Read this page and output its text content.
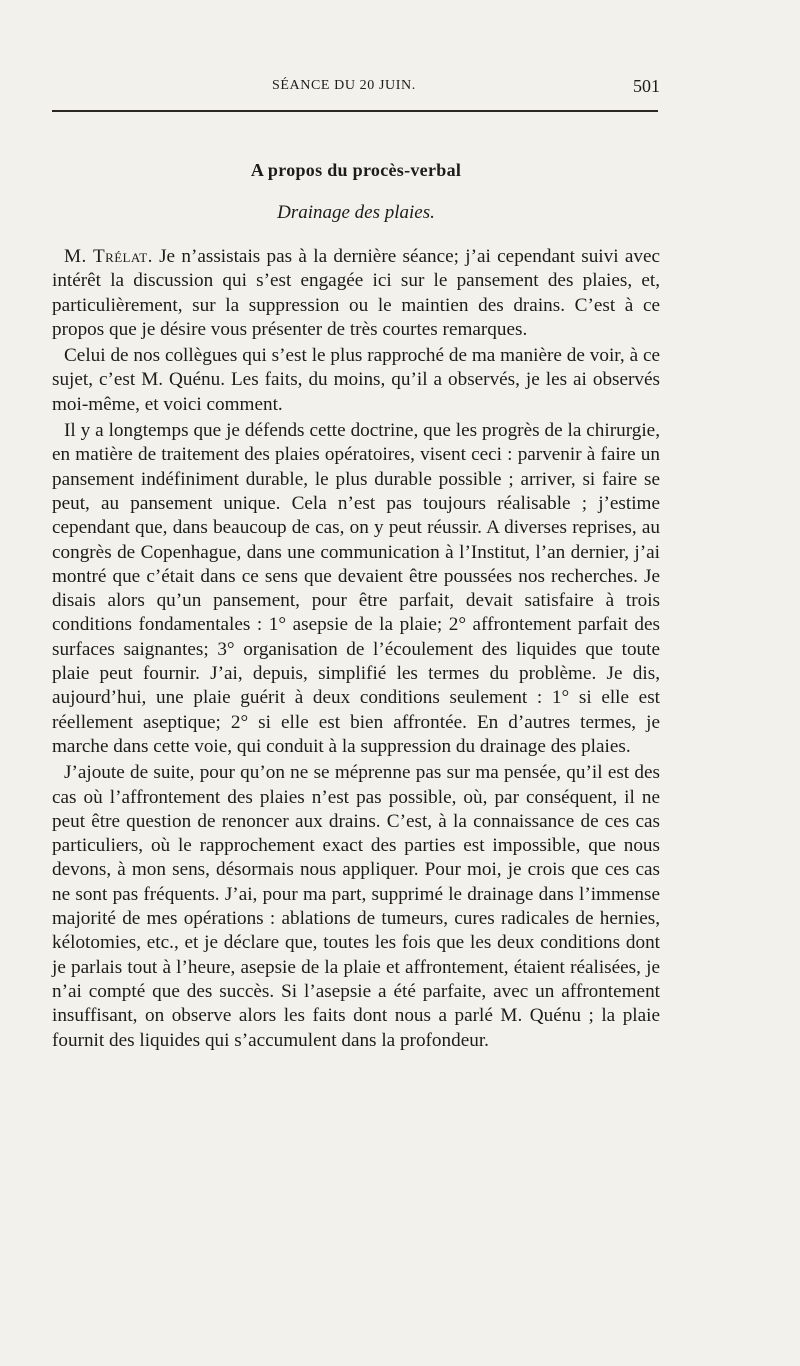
SÉANCE DU 20 JUIN.	501
A propos du procès-verbal
Drainage des plaies.

M. Trélat. Je n’assistais pas à la dernière séance; j’ai cependant suivi avec intérêt la discussion qui s’est engagée ici sur le pansement des plaies, et, particulièrement, sur la suppression ou le maintien des drains. C’est à ce propos que je désire vous présenter de très courtes remarques.

Celui de nos collègues qui s’est le plus rapproché de ma manière de voir, à ce sujet, c’est M. Quénu. Les faits, du moins, qu’il a observés, je les ai observés moi-même, et voici comment.

Il y a longtemps que je défends cette doctrine, que les progrès de la chirurgie, en matière de traitement des plaies opératoires, visent ceci : parvenir à faire un pansement indéfiniment durable, le plus durable possible ; arriver, si faire se peut, au pansement unique. Cela n’est pas toujours réalisable ; j’estime cependant que, dans beaucoup de cas, on y peut réussir. A diverses reprises, au congrès de Copenhague, dans une communication à l’Institut, l’an dernier, j’ai montré que c’était dans ce sens que devaient être poussées nos recherches. Je disais alors qu’un pansement, pour être parfait, devait satisfaire à trois conditions fondamentales : 1° asepsie de la plaie; 2° affrontement parfait des surfaces saignantes; 3° organisation de l’écoulement des liquides que toute plaie peut fournir. J’ai, depuis, simplifié les termes du problème. Je dis, aujourd’hui, une plaie guérit à deux conditions seulement : 1° si elle est réellement aseptique; 2° si elle est bien affrontée. En d’autres termes, je marche dans cette voie, qui conduit à la suppression du drainage des plaies.

J’ajoute de suite, pour qu’on ne se méprenne pas sur ma pensée, qu’il est des cas où l’affrontement des plaies n’est pas possible, où, par conséquent, il ne peut être question de renoncer aux drains. C’est, à la connaissance de ces cas particuliers, où le rapprochement exact des parties est impossible, que nous devons, à mon sens, désormais nous appliquer. Pour moi, je crois que ces cas ne sont pas fréquents. J’ai, pour ma part, supprimé le drainage dans l’immense majorité de mes opérations : ablations de tumeurs, cures radicales de hernies, kélotomies, etc., et je déclare que, toutes les fois que les deux conditions dont je parlais tout à l’heure, asepsie de la plaie et affrontement, étaient réalisées, je n’ai compté que des succès. Si l’asepsie a été parfaite, avec un affrontement insuffisant, on observe alors les faits dont nous a parlé M. Quénu ; la plaie fournit des liquides qui s’accumulent dans la profondeur.
